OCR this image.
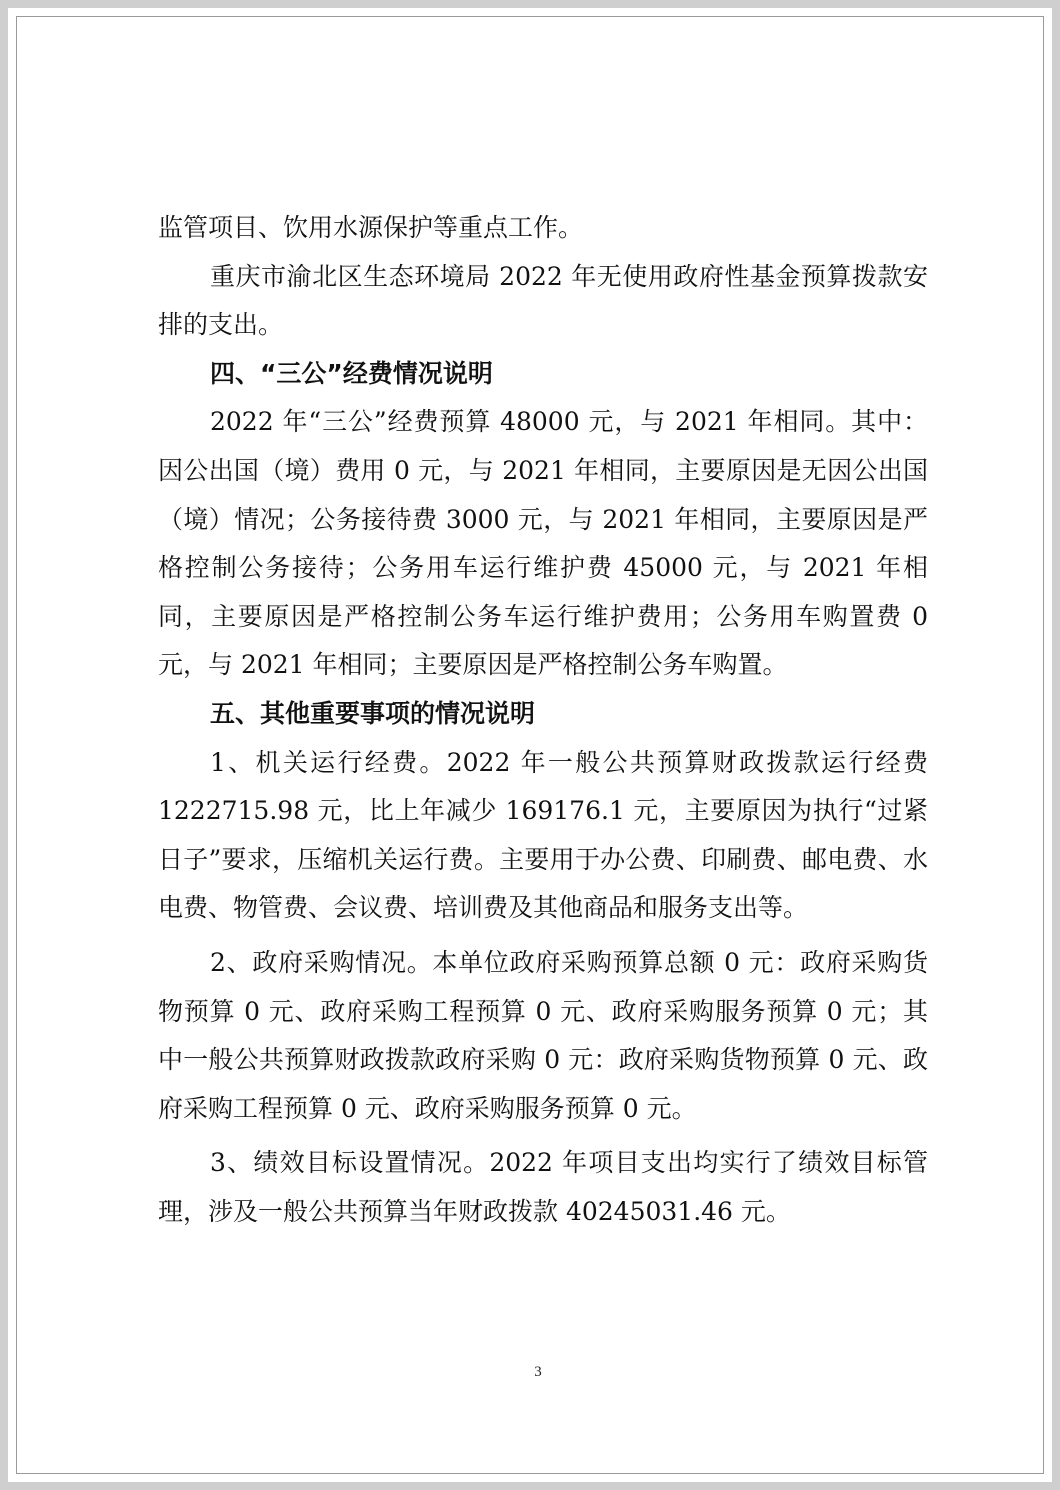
监管项目、饮用水源保护等重点工作。

重庆市渝北区生态环境局 2022 年无使用政府性基金预算拨款安排的支出。

四、“三公”经费情况说明

2022 年“三公”经费预算 48000 元，与 2021 年相同。其中：因公出国（境）费用 0 元，与 2021 年相同，主要原因是无因公出国（境）情况；公务接待费 3000 元，与 2021 年相同，主要原因是严格控制公务接待；公务用车运行维护费 45000 元，与 2021 年相同，主要原因是严格控制公务车运行维护费用；公务用车购置费 0 元，与 2021 年相同；主要原因是严格控制公务车购置。

五、其他重要事项的情况说明

1、机关运行经费。2022 年一般公共预算财政拨款运行经费 1222715.98 元，比上年减少 169176.1 元，主要原因为执行“过紧日子”要求，压缩机关运行费。主要用于办公费、印刷费、邮电费、水电费、物管费、会议费、培训费及其他商品和服务支出等。

2、政府采购情况。本单位政府采购预算总额 0 元：政府采购货物预算 0 元、政府采购工程预算 0 元、政府采购服务预算 0 元；其中一般公共预算财政拨款政府采购 0 元：政府采购货物预算 0 元、政府采购工程预算 0 元、政府采购服务预算 0 元。

3、绩效目标设置情况。2022 年项目支出均实行了绩效目标管理，涉及一般公共预算当年财政拨款 40245031.46 元。

3
